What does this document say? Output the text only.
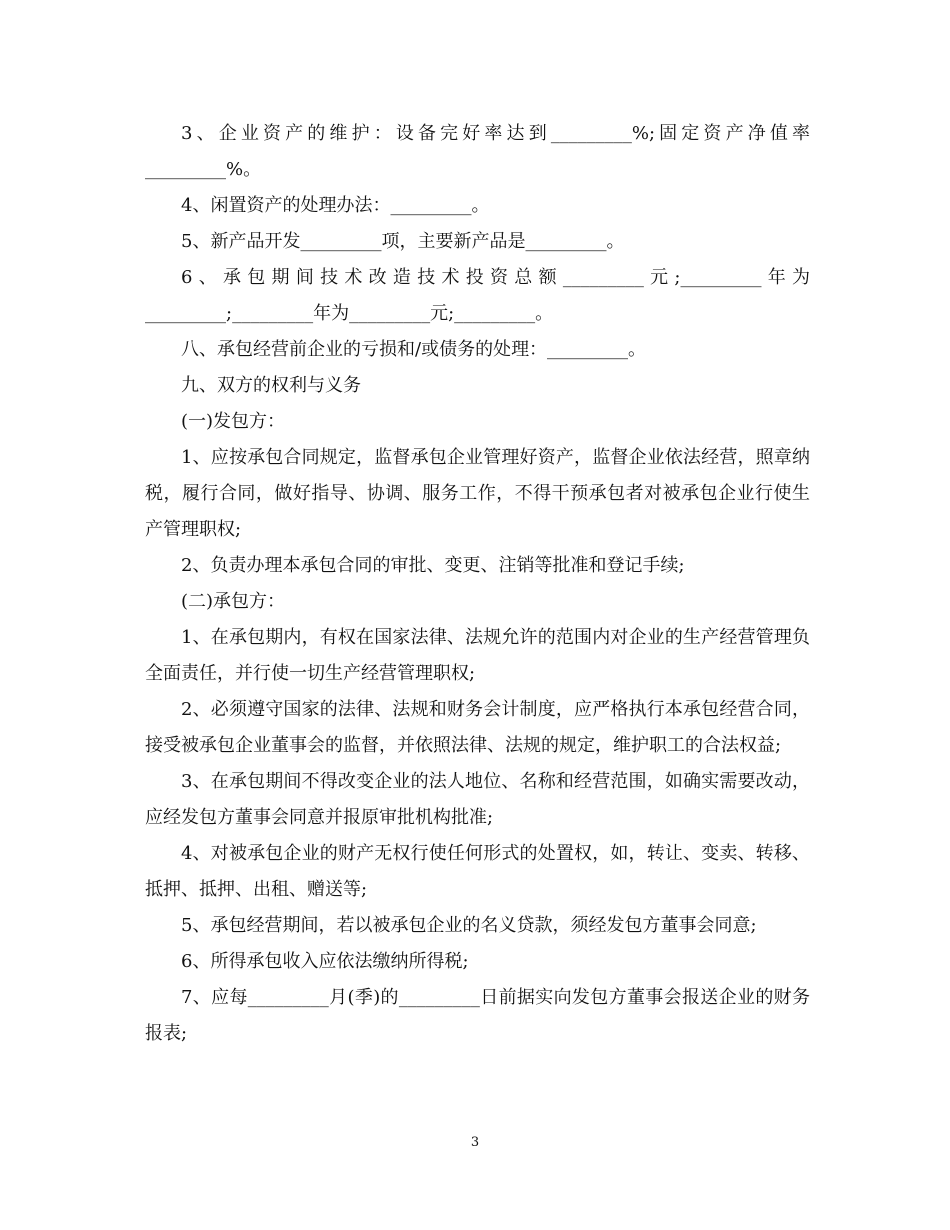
3、企业资产的维护：设备完好率达到_________%;固定资产净值率_________%。

4、闲置资产的处理办法：_________。

5、新产品开发_________项，主要新产品是_________。

6、承包期间技术改造技术投资总额_________元;_________年为_________;_________年为_________元;_________。

八、承包经营前企业的亏损和/或债务的处理：_________。

九、双方的权利与义务

(一)发包方：

1、应按承包合同规定，监督承包企业管理好资产，监督企业依法经营，照章纳税，履行合同，做好指导、协调、服务工作，不得干预承包者对被承包企业行使生产管理职权;

2、负责办理本承包合同的审批、变更、注销等批准和登记手续;

(二)承包方：

1、在承包期内，有权在国家法律、法规允许的范围内对企业的生产经营管理负全面责任，并行使一切生产经营管理职权;

2、必须遵守国家的法律、法规和财务会计制度，应严格执行本承包经营合同，接受被承包企业董事会的监督，并依照法律、法规的规定，维护职工的合法权益;

3、在承包期间不得改变企业的法人地位、名称和经营范围，如确实需要改动，应经发包方董事会同意并报原审批机构批准;

4、对被承包企业的财产无权行使任何形式的处置权，如，转让、变卖、转移、抵押、抵押、出租、赠送等;

5、承包经营期间，若以被承包企业的名义贷款，须经发包方董事会同意;

6、所得承包收入应依法缴纳所得税;

7、应每_________月(季)的_________日前据实向发包方董事会报送企业的财务报表;

3
